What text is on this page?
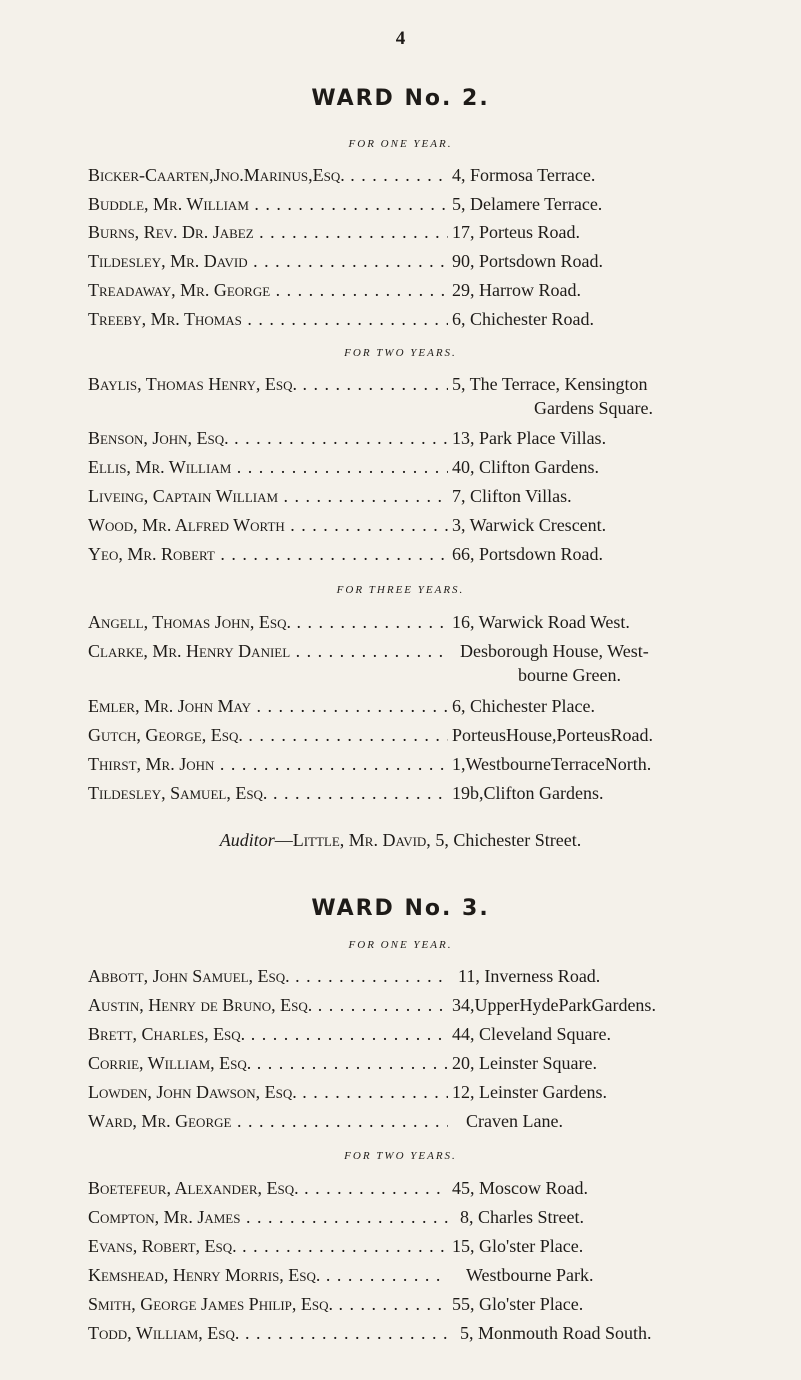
4
WARD No. 2.
FOR ONE YEAR.
Bicker-Caarten,Jno.Marinus,Esq. . . .	4, Formosa Terrace.
Buddle, Mr. William . . .	5, Delamere Terrace.
Burns, Rev. Dr. Jabez . . .	17, Porteus Road.
Tildesley, Mr. David . . .	90, Portsdown Road.
Treadaway, Mr. George . . .	29, Harrow Road.
Treeby, Mr. Thomas . . .	6, Chichester Road.
FOR TWO YEARS.
Baylis, Thomas Henry, Esq. . . .	5, The Terrace, Kensington
Gardens Square.
Benson, John, Esq. . . .	13, Park Place Villas.
Ellis, Mr. William . . .	40, Clifton Gardens.
Liveing, Captain William . . .	7, Clifton Villas.
Wood, Mr. Alfred Worth . . .	3, Warwick Crescent.
Yeo, Mr. Robert . . .	66, Portsdown Road.
FOR THREE YEARS.
Angell, Thomas John, Esq. . . .	16, Warwick Road West.
Clarke, Mr. Henry Daniel . . .	Desborough House, West-
bourne Green.
Emler, Mr. John May . . .	6, Chichester Place.
Gutch, George, Esq. . . .	PorteusHouse,PorteusRoad.
Thirst, Mr. John . . .	1,WestbourneTerraceNorth.
Tildesley, Samuel, Esq. . . .	19b,Clifton Gardens.
Auditor—Little, Mr. David, 5, Chichester Street.
WARD No. 3.
FOR ONE YEAR.
Abbott, John Samuel, Esq. . . .	11, Inverness Road.
Austin, Henry de Bruno, Esq. . . .	34,UpperHydeParkGardens.
Brett, Charles, Esq. . . .	44, Cleveland Square.
Corrie, William, Esq. . . .	20, Leinster Square.
Lowden, John Dawson, Esq. . . .	12, Leinster Gardens.
Ward, Mr. George . . .	Craven Lane.
FOR TWO YEARS.
Boetefeur, Alexander, Esq. . . .	45, Moscow Road.
Compton, Mr. James . . .	8, Charles Street.
Evans, Robert, Esq. . . .	15, Glo'ster Place.
Kemshead, Henry Morris, Esq. . . .	Westbourne Park.
Smith, George James Philip, Esq. . . .	55, Glo'ster Place.
Todd, William, Esq. . . .	5, Monmouth Road South.
